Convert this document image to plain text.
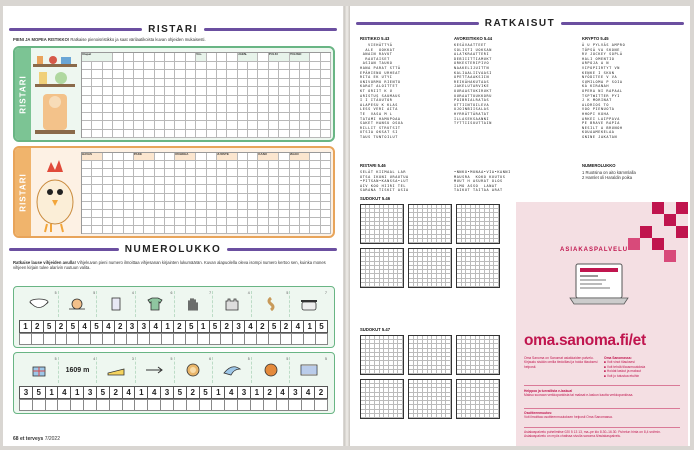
RISTARI
PIENI JA MOPEA RISTIKKO! Ratkaise pienoisristikko ja saat värilaatikoista kuvan ohjeiden mukaisesti.
RISTARI
Ulapat	Vin-	UAEN-	PULKI	POLISEI
RISTARI
HAVAS	PAKE	ROHKEA	JUOSTE	KANU	MAAN
NUMEROLUKKO
Ratkaise lause vihjeiden avulla! Vihjekuvan pieni numero ilmoittaa vihjesanan kirjainten lukumäärän. Kuvan alapuolella oleva isompi numero kertoo sen, kuinka mones vihjeen kirjain tulee alarivin ruutuun valita.
5	5	4	6	7	4	5	7
1 2 5 2 5 4 5 4 2 3 3 4 1 2 5 1 5 2 3 4 2 5 2 4 1 5
5	4
1609 m
3	5	6	5	5	5
3	5	1	4	1	3	5	2	4	1	4	3	5	2	5	1	4	3	1	2	4	3	4	2
68 et terveys 7/2022
RATKAISUT
RISTIKKO 5.43
VIEHÄTTYÄ
ALE  OOKKAT
ANAIN RAVUT
RAUTAISET
ASIAN TAUKO
HANA PARAT STTÄ
EPÄHIENO URHEAT
RITA EK UTYI
UNIVORMU RIENTO
KARAT ALOITTET
KT ORIIT K U
ARISTUS SAUMAUS
I I ITÄUUTOR
ALAPESU K KLAS
LESS VERI AITA
TE  VASA M L
TATAMI HAMUPOAA
SAKET HANSU OSUA
RILLIT STRUTSIT
UTSIA OKSAT SI
TAUS TUNTOILUT
AVORISTIKKO 5.44
KESÄVAATTEET
SOLISTI UOKSAN
ALATKRAATTERI
DEBIIITTIAMUKT
ORKESTERIPIVO
NAAKELIJUITTN
KALIAALIIVAASI
OPETTAAAKSIIN
REIKÄHAKUTAAS
JAKELUTARVIKE
UURAASTUKIRUKT
UURAATTUUKKORU
POIBRIALRATAS
UTTIINTOILEVA
UJOINBIISALAS
HYRRÄTTÄRATAT
ILLASEKSAANNI
TYTTIISUUTTAIN
KRYPTO 5.45
Ä U PYLVÄS AMPRO
TÖPSÄ VA SKONE
RV JOCKEY SOPLÄ
HALI OMENTIO
ARPOJA A N
VIPOPIIRTYT VN
KENKE I SKUN
NYÖDITEE V VA
SUMILOMA P SOIA
KÄ KIRANAH
OPERA NI RAPAAL
TSPTWITTER PYI
J K MORINAT
ALDRIOS TO
VOO PIENUOTA
HHOPI KOHA
ARKEI LAIPPAVA
PE BRAVE RAPIA
NESILT A BRUNOH
KOUAAMEKELAA
GNINE JAKATAN
RISTARI 5.46
SELÄT KIIMAAL LAR
OTSA IKONI URAUTUA
•PITSAN•KANSSA•LUT
AIV KOO HIIRI TEL
SARANA TISKIT ASIA
•NNKO•MUNAA•VIA•KANNI
MAUSRA  KOKO KUUTUS
MUUT H ASURAT OLOS
ILMO ASSO  LANAT
TAIKUT TAITAA ARAT
NUMEROLUKKO
1 Ruotsina on aito kämmlalla
2 Hamlet oli Haraldin poika
SUDOKUT 5.46
SUDOKUT 5.47
ASIAKASPALVELU
oma.sanoma.fi/et
Oma Sanoma on Sanomat asiakkaiden palvelu. Kirjaudu sisään omilla tiedoillasi ja hoida tilauksesi helposti.
Oma Sanomassa:
■ Voit vinot tilauksesi
■ Voit tehdä tilausmuutoksia
■ Hoidat laskut ja maksut
■ Voit jo tutustua etuihin
Helppoa ja turvallista e-laskua!
Maksu suoraan verkkopankista tai maksat e-laskun kautta verkkopankissa.
Osoitteenmuutos:
Voit ilmoittaa osoitteenmuutoksen helposti Oma Sanomassa.
Asiakaspalvelu puhelimitse 020 5 13 13, ma–pe klo 8.30–16.30. Puhelun hinta on 8,4 snt/min. Asiakaspalvelu on myös chatissa sivulla sanoma.fi/asiakaspalvelu.
